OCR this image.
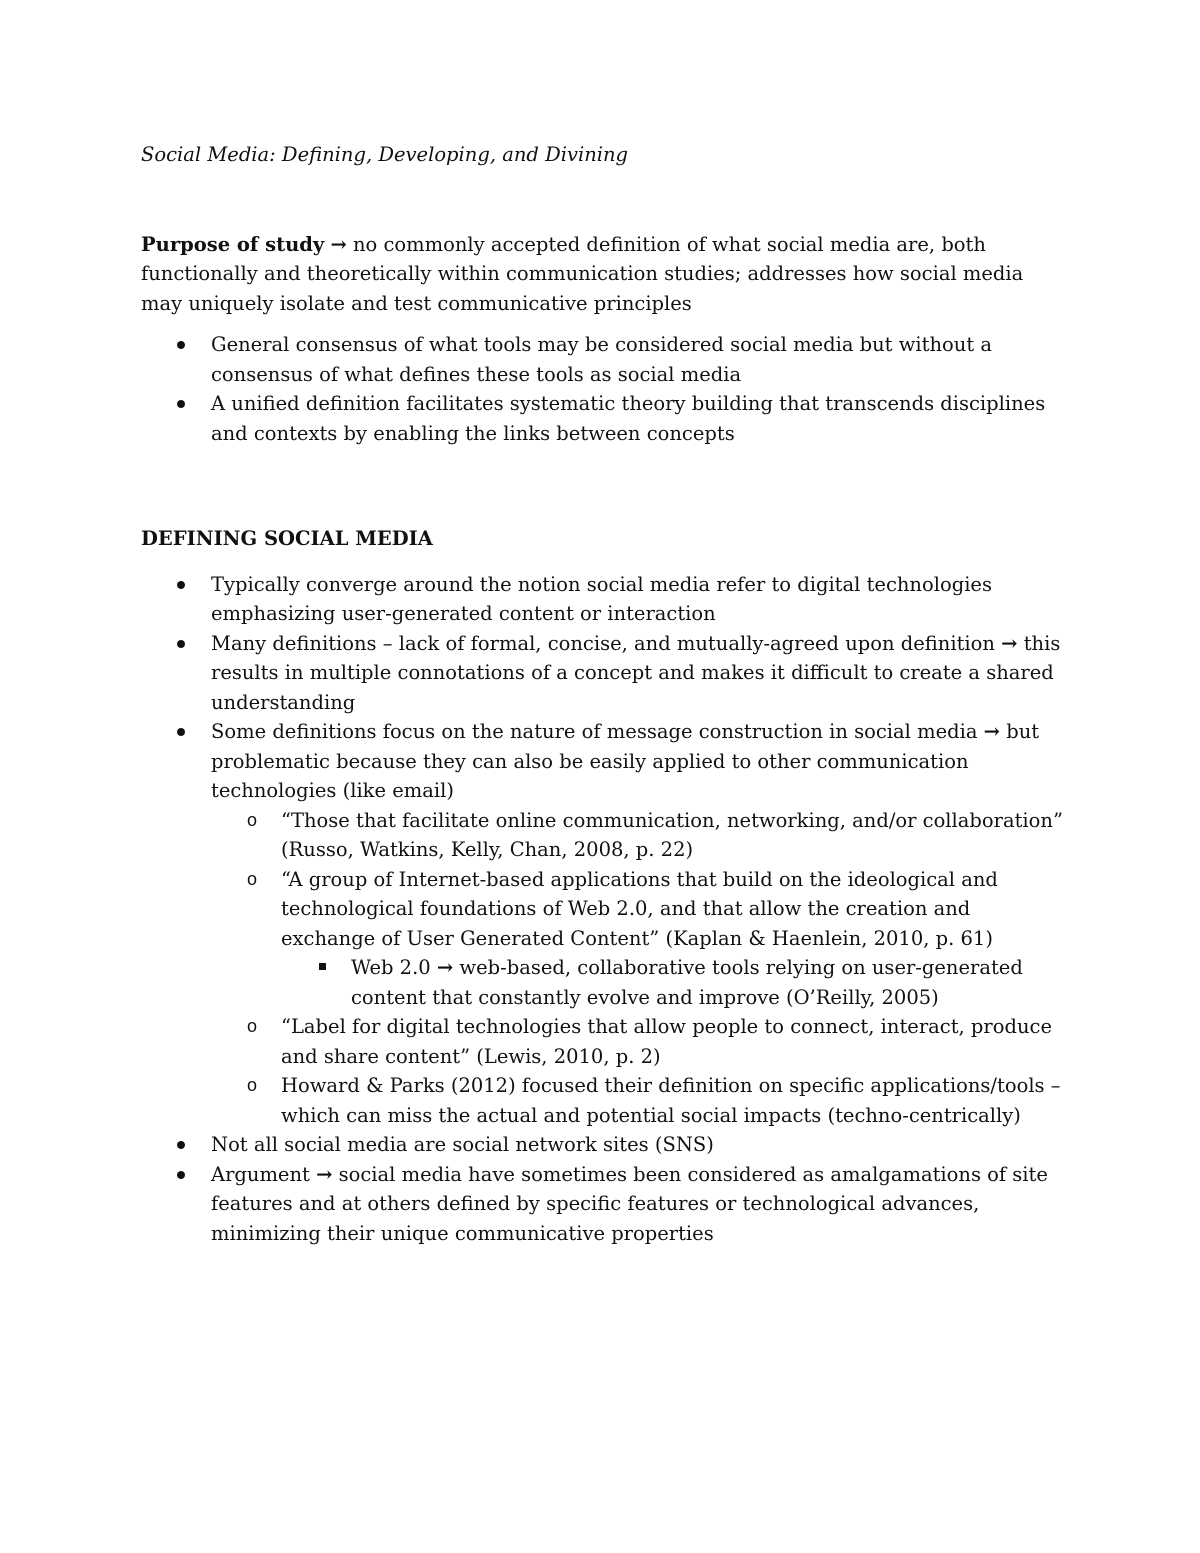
Social Media: Defining, Developing, and Divining

Purpose of study → no commonly accepted definition of what social media are, both functionally and theoretically within communication studies; addresses how social media may uniquely isolate and test communicative principles

General consensus of what tools may be considered social media but without a consensus of what defines these tools as social media
A unified definition facilitates systematic theory building that transcends disciplines and contexts by enabling the links between concepts

DEFINING SOCIAL MEDIA

Typically converge around the notion social media refer to digital technologies emphasizing user-generated content or interaction
Many definitions – lack of formal, concise, and mutually-agreed upon definition → this results in multiple connotations of a concept and makes it difficult to create a shared understanding
Some definitions focus on the nature of message construction in social media → but problematic because they can also be easily applied to other communication technologies (like email)
o “Those that facilitate online communication, networking, and/or collaboration” (Russo, Watkins, Kelly, Chan, 2008, p. 22)
o “A group of Internet-based applications that build on the ideological and technological foundations of Web 2.0, and that allow the creation and exchange of User Generated Content” (Kaplan & Haenlein, 2010, p. 61)
Web 2.0 → web-based, collaborative tools relying on user-generated content that constantly evolve and improve (O’Reilly, 2005)
o “Label for digital technologies that allow people to connect, interact, produce and share content” (Lewis, 2010, p. 2)
o Howard & Parks (2012) focused their definition on specific applications/tools – which can miss the actual and potential social impacts (techno-centrically)
Not all social media are social network sites (SNS)
Argument → social media have sometimes been considered as amalgamations of site features and at others defined by specific features or technological advances, minimizing their unique communicative properties
